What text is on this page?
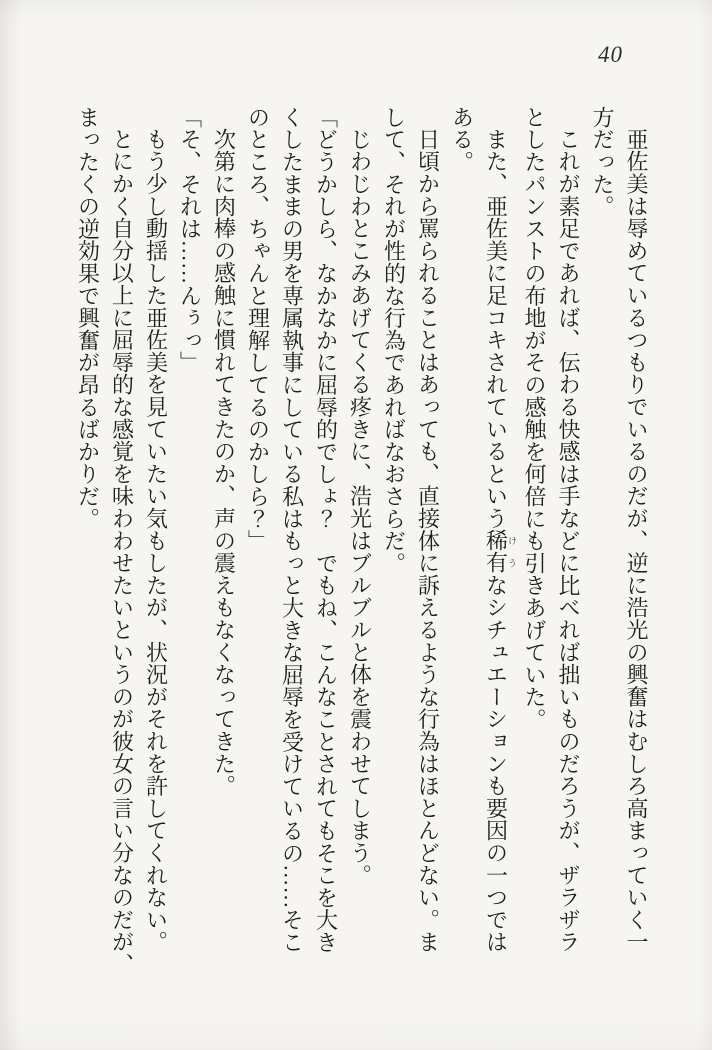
40
亜佐美は辱めているつもりでいるのだが、逆に浩光の興奮はむしろ高まっていく一
方だった。
これが素足であれば、伝わる快感は手などに比べれば拙いものだろうが、ザラザラ
としたパンストの布地がその感触を何倍にも引きあげていた。
また、亜佐美に足コキされているという稀有けうなシチュエーションも要因の一つでは
ある。
日頃から罵られることはあっても、直接体に訴えるような行為はほとんどない。ま
して、それが性的な行為であればなおさらだ。
じわじわとこみあげてくる疼きに、浩光はブルブルと体を震わせてしまう。
「どうかしら、なかなかに屈辱的でしょ？　でもね、こんなことされてもそこを大き
くしたままの男を専属執事にしている私はもっと大きな屈辱を受けているの……そこ
のところ、ちゃんと理解してるのかしら？」
次第に肉棒の感触に慣れてきたのか、声の震えもなくなってきた。
「そ、それは……んぅっ」
もう少し動揺した亜佐美を見ていたい気もしたが、状況がそれを許してくれない。
とにかく自分以上に屈辱的な感覚を味わわせたいというのが彼女の言い分なのだが、
まったくの逆効果で興奮が昂るばかりだ。
